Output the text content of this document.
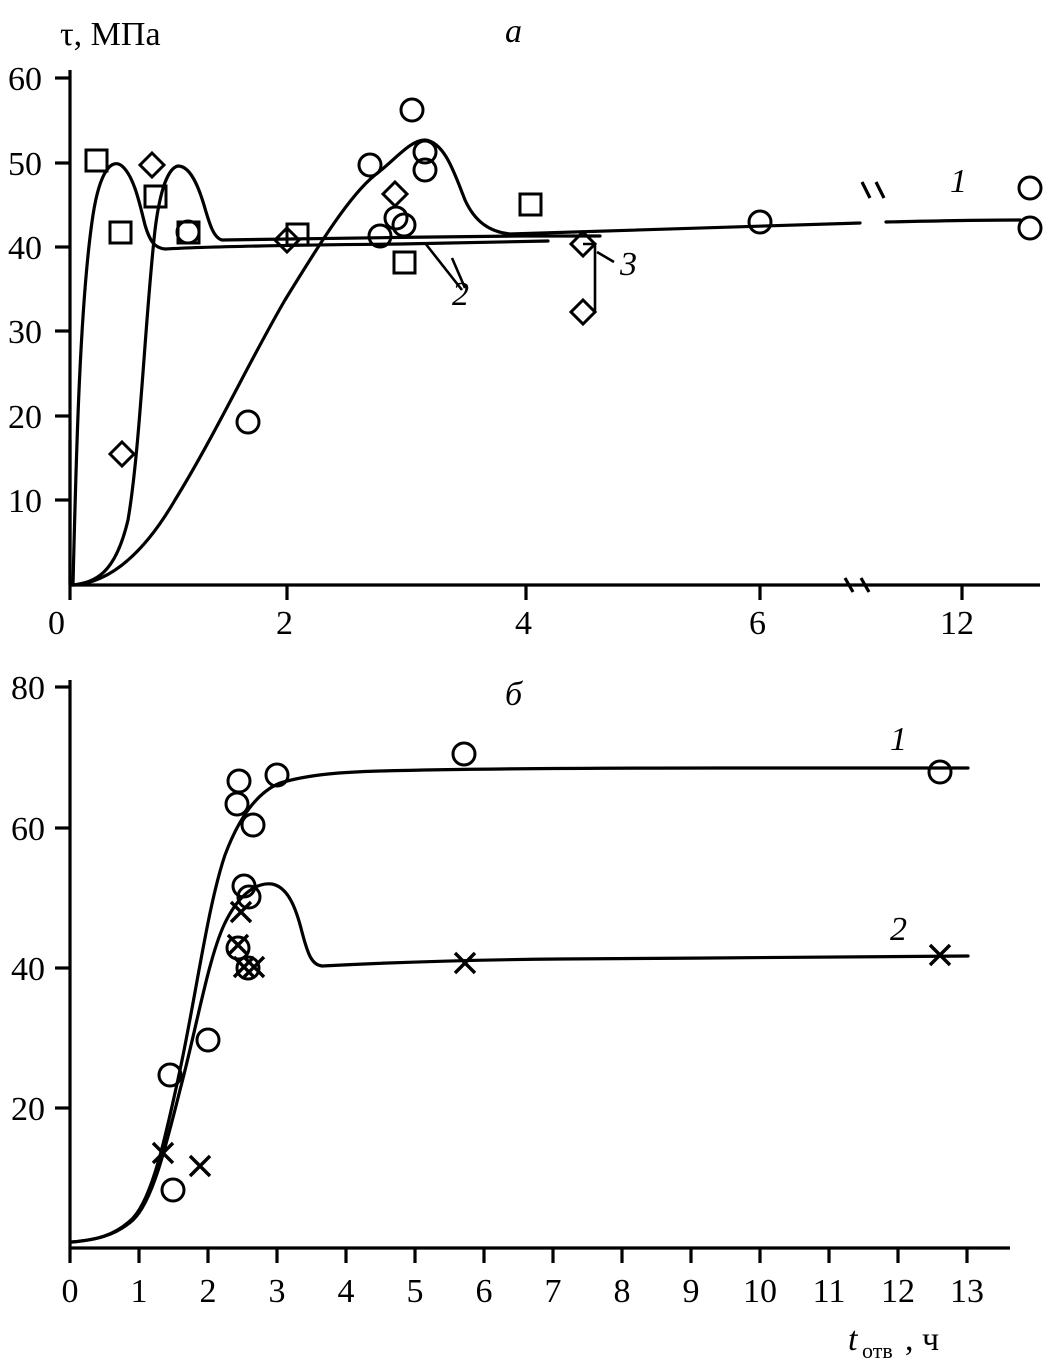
60
50
40
30
20
10
0	2	4	6	12
τ, МПа	а
1
2
3
80
60
40
20
0 1 2 3 4 5 6 7 8 9 10 11 12 13
б
t отв , ч
1
2
